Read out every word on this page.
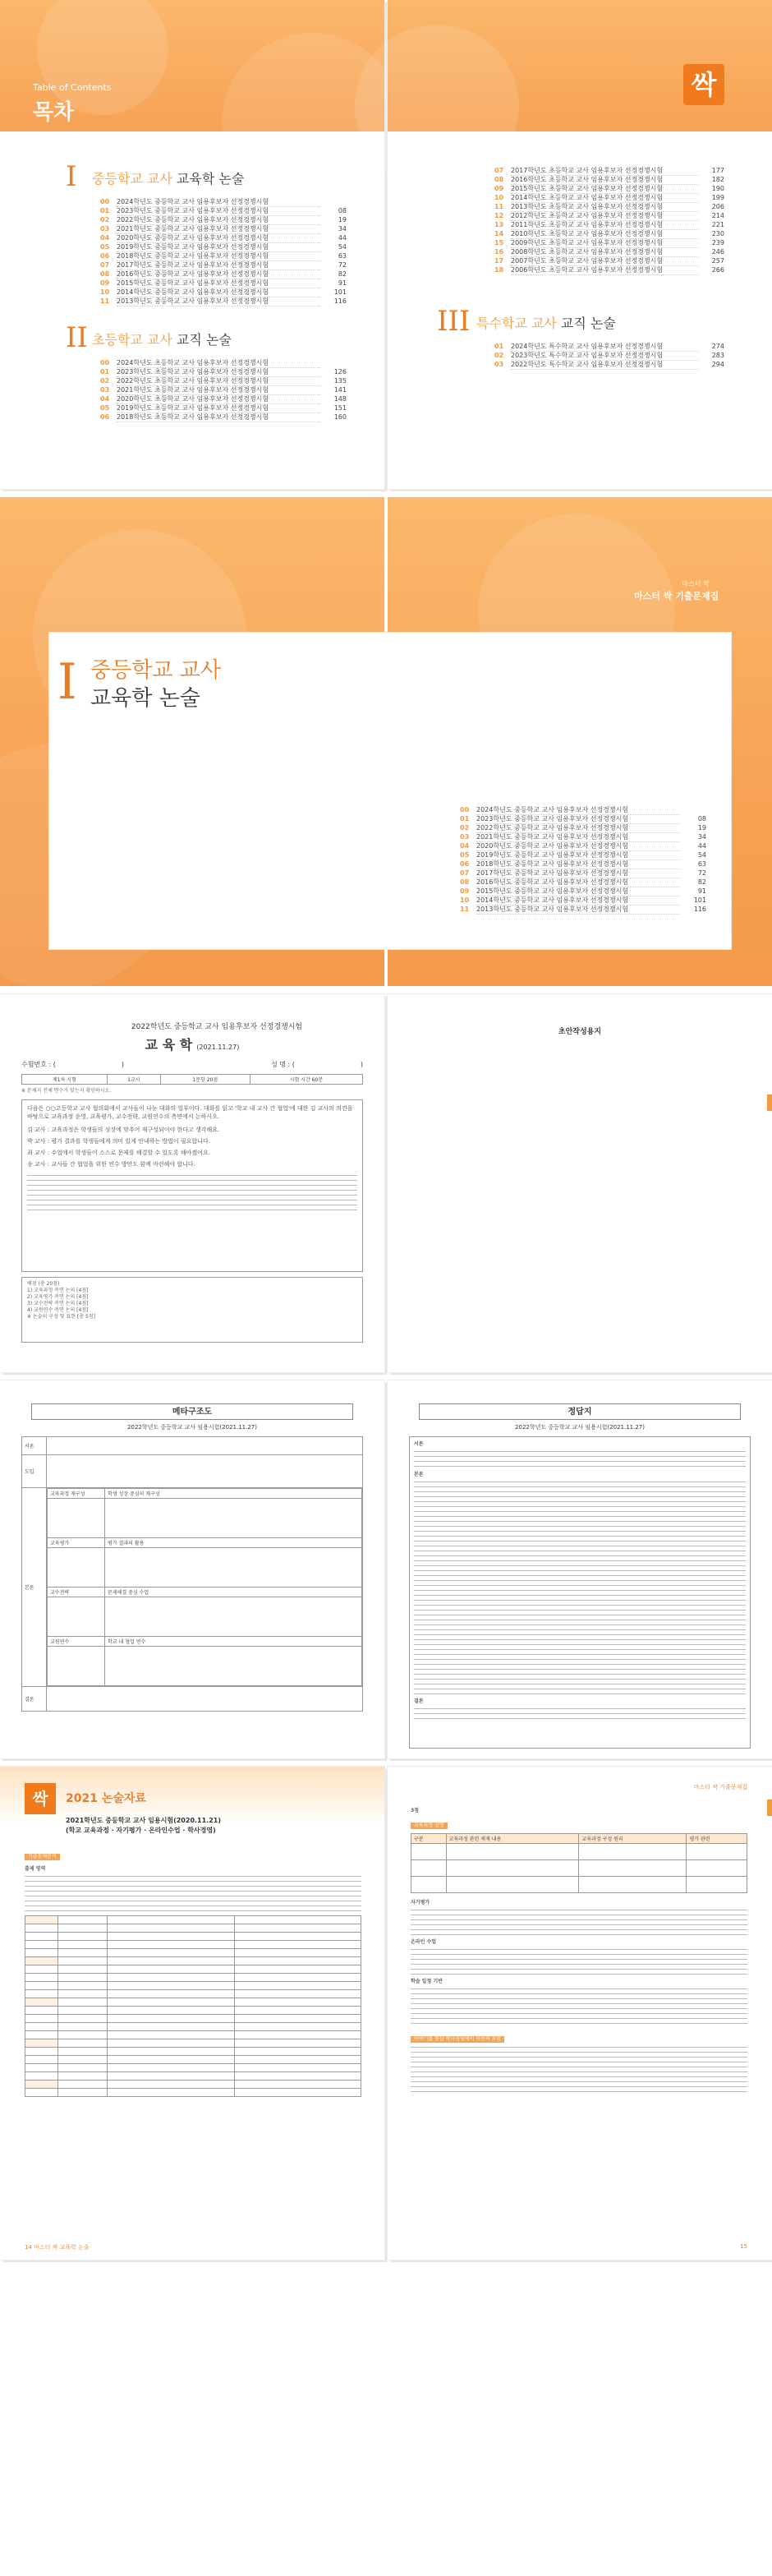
Table of Contents
목차
I	중등학교 교사 교육학 논술
00	2024학년도 중등학교 교사 임용후보자 선정경쟁시험
01	2023학년도 중등학교 교사 임용후보자 선정경쟁시험	08
02	2022학년도 중등학교 교사 임용후보자 선정경쟁시험	19
03	2021학년도 중등학교 교사 임용후보자 선정경쟁시험	34
04	2020학년도 중등학교 교사 임용후보자 선정경쟁시험	44
05	2019학년도 중등학교 교사 임용후보자 선정경쟁시험	54
06	2018학년도 중등학교 교사 임용후보자 선정경쟁시험	63
07	2017학년도 중등학교 교사 임용후보자 선정경쟁시험	72
08	2016학년도 중등학교 교사 임용후보자 선정경쟁시험	82
09	2015학년도 중등학교 교사 임용후보자 선정경쟁시험	91
10	2014학년도 중등학교 교사 임용후보자 선정경쟁시험	101
11	2013학년도 중등학교 교사 임용후보자 선정경쟁시험	116
II 초등학교 교사 교직 논술
00	2024학년도 초등학교 교사 임용후보자 선정경쟁시험
01	2023학년도 초등학교 교사 임용후보자 선정경쟁시험	126
02	2022학년도 초등학교 교사 임용후보자 선정경쟁시험	135
03	2021학년도 초등학교 교사 임용후보자 선정경쟁시험	141
04	2020학년도 초등학교 교사 임용후보자 선정경쟁시험	148
05	2019학년도 초등학교 교사 임용후보자 선정경쟁시험	151
06	2018학년도 초등학교 교사 임용후보자 선정경쟁시험	160
싹
07	2017학년도 초등학교 교사 임용후보자 선정경쟁시험	177
08	2016학년도 초등학교 교사 임용후보자 선정경쟁시험	182
09	2015학년도 초등학교 교사 임용후보자 선정경쟁시험	190
10	2014학년도 초등학교 교사 임용후보자 선정경쟁시험	199
11	2013학년도 초등학교 교사 임용후보자 선정경쟁시험	206
12	2012학년도 초등학교 교사 임용후보자 선정경쟁시험	214
13	2011학년도 초등학교 교사 임용후보자 선정경쟁시험	221
14	2010학년도 초등학교 교사 임용후보자 선정경쟁시험	230
15	2009학년도 초등학교 교사 임용후보자 선정경쟁시험	239
16	2008학년도 초등학교 교사 임용후보자 선정경쟁시험	246
17	2007학년도 초등학교 교사 임용후보자 선정경쟁시험	257
18	2006학년도 초등학교 교사 임용후보자 선정경쟁시험	266
III 특수학교 교사 교직 논술
01	2024학년도 특수학교 교사 임용후보자 선정경쟁시험	274
02	2023학년도 특수학교 교사 임용후보자 선정경쟁시험	283
03	2022학년도 특수학교 교사 임용후보자 선정경쟁시험	294
마스터 싹
마스터 싹 기출문제집
I 중등학교 교사
교육학 논술
00	2024학년도 중등학교 교사 임용후보자 선정경쟁시험
01	2023학년도 중등학교 교사 임용후보자 선정경쟁시험	08
02	2022학년도 중등학교 교사 임용후보자 선정경쟁시험	19
03	2021학년도 중등학교 교사 임용후보자 선정경쟁시험	34
04	2020학년도 중등학교 교사 임용후보자 선정경쟁시험	44
05	2019학년도 중등학교 교사 임용후보자 선정경쟁시험	54
06	2018학년도 중등학교 교사 임용후보자 선정경쟁시험	63
07	2017학년도 중등학교 교사 임용후보자 선정경쟁시험	72
08	2016학년도 중등학교 교사 임용후보자 선정경쟁시험	82
09	2015학년도 중등학교 교사 임용후보자 선정경쟁시험	91
10	2014학년도 중등학교 교사 임용후보자 선정경쟁시험	101
11	2013학년도 중등학교 교사 임용후보자 선정경쟁시험	116
2022학년도 중등학교 교사 임용후보자 선정경쟁시험
교 육 학 (2021.11.27)
수험번호 : (	)	성 명 : (	)
제1차 시험	1교시	1문항 20점	시험 시간 60분
※ 문제지 전체 면수가 맞는지 확인하시오.
다음은 ○○고등학교 교사 협의회에서 교사들이 나눈 대화의 일부이다. 대화를 읽고 '학교 내 교사 간 협업'에 대한 김 교사의 의견을 바탕으로 교육과정 운영, 교육평가, 교수전략, 교원연수의 측면에서 논하시오.
김 교사 : 교육과정은 학생들의 성장에 맞추어 재구성되어야 한다고 생각해요.
박 교사 : 평가 결과를 학생들에게 의미 있게 안내하는 방법이 필요합니다.
최 교사 : 수업에서 학생들이 스스로 문제를 해결할 수 있도록 해야겠어요.
송 교사 : 교사들 간 협업을 위한 연수 방안도 함께 마련해야 합니다.
배점 (총 20점)
1) 교육과정 측면 논의 [4점]
2) 교육평가 측면 논의 [4점]
3) 교수전략 측면 논의 [4점]
4) 교원연수 측면 논의 [4점]
※ 논술의 구성 및 표현 [총 5점]
초안작성용지
메타구조도
2022학년도 중등학교 교사 임용시험(2021.11.27)
서론	
도입	
본론	
교육과정 재구성	학생 성장 중심의 재구성

교육평가	평가 결과의 활용

교수전략	문제해결 중심 수업

교원연수	학교 내 협업 연수

결론	
정답지
2022학년도 중등학교 교사 임용시험(2021.11.27)
서론
본론
결론
싹	2021 논술자료
2021학년도 중등학교 교사 임용시험(2020.11.21)
(학교 교육과정 · 자기평가 · 온라인수업 · 학사경영)
기출문제분석
출제 영역

14 마스터 싹 교육학 논술
마스터 싹 기출문제집
3점
교육과정 설명
구분	교육과정 관련 제재 내용	교육과정 구성 원리	평가 관련

자기평가
온라인 수업
학습 일정 기반
이야기를 통한 학사경영에서 이론의 포함
15
